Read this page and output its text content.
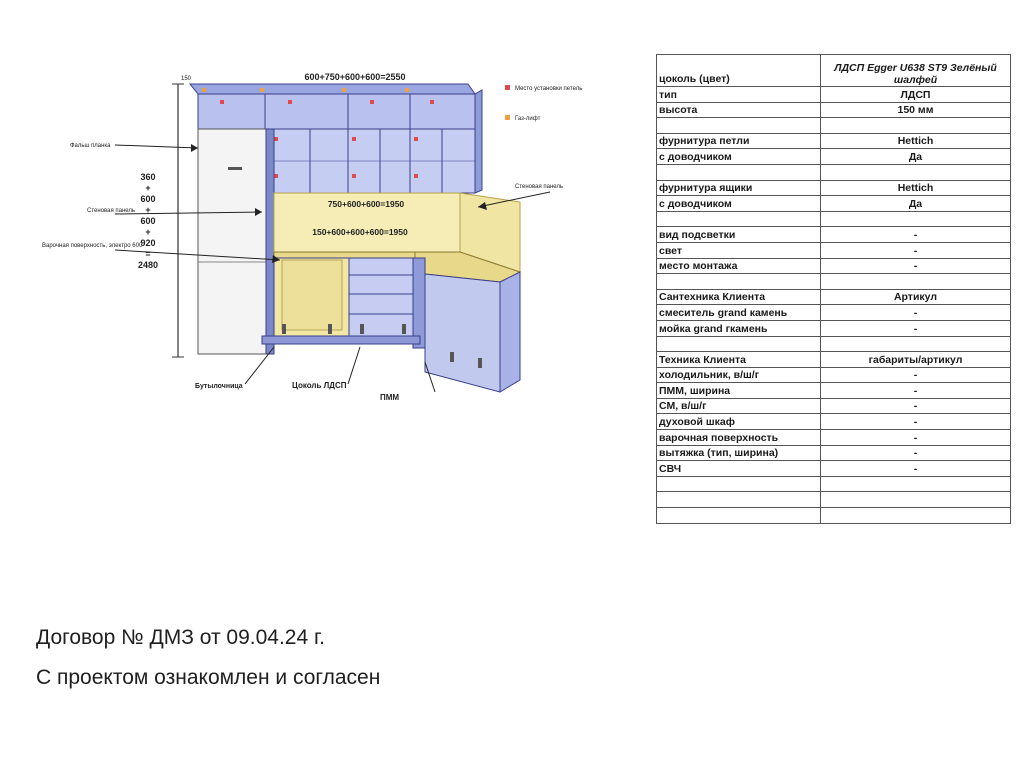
150
360
+
600
+
600
+
920
=
2480
600+750+600+600=2550
Место установки петель
Газ-лифт
750+600+600=1950
150+600+600+600=1950
Фальш планка
Стеновая панель
Варочная поверхность, электро 600
Стеновая панель
Бутылочница	Цоколь ЛДСП
ПММ
цоколь (цвет)	ЛДСП Egger U638 ST9 Зелёный шалфей
тип	ЛДСП
высота	150 мм

фурнитура петли	Hettich
с доводчиком	Да

фурнитура ящики	Hettich
с доводчиком	Да

вид подсветки	-
свет	-
место монтажа	-

Сантехника Клиента	Артикул
смеситель grand камень	-
мойка grand гкамень	-

Техника Клиента	габариты/артикул
холодильник, в/ш/г	-
ПММ, ширина	-
СМ, в/ш/г	-
духовой шкаф	-
варочная поверхность	-
вытяжка (тип, ширина)	-
СВЧ	-

Договор № ДМЗ от 09.04.24 г.
С проектом ознакомлен и согласен
